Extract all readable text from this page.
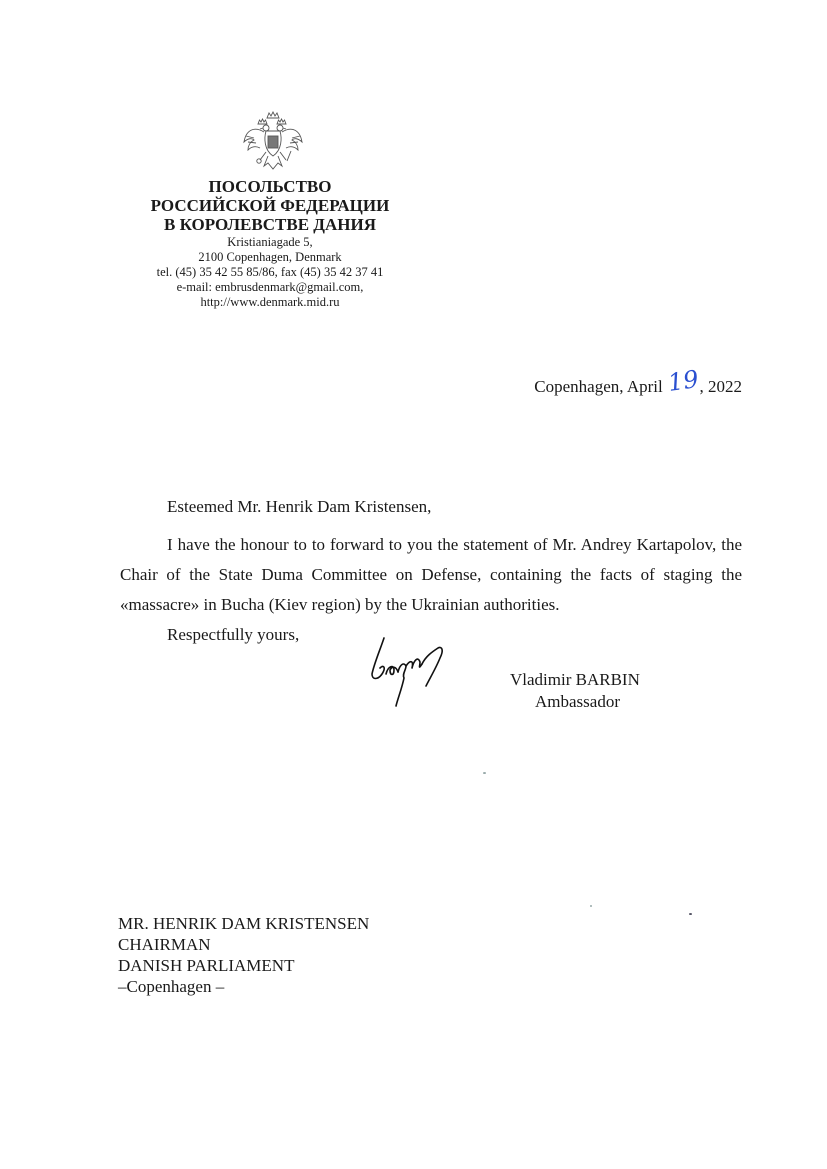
ПОСОЛЬСТВО
РОССИЙСКОЙ ФЕДЕРАЦИИ
В КОРОЛЕВСТВЕ ДАНИЯ
Kristianiagade 5,
2100 Copenhagen, Denmark
tel. (45) 35 42 55 85/86, fax (45) 35 42 37 41
e-mail: embrusdenmark@gmail.com,
http://www.denmark.mid.ru
Copenhagen, April 19, 2022
Esteemed Mr. Henrik Dam Kristensen,
I have the honour to to forward to you the statement of Mr. Andrey Kartapolov, the Chair of the State Duma Committee on Defense, containing the facts of staging the «massacre» in Bucha (Kiev region) by the Ukrainian authorities.
Respectfully yours,
Vladimir BARBIN
Ambassador
MR. HENRIK DAM KRISTENSEN
CHAIRMAN
DANISH PARLIAMENT
–Copenhagen –
